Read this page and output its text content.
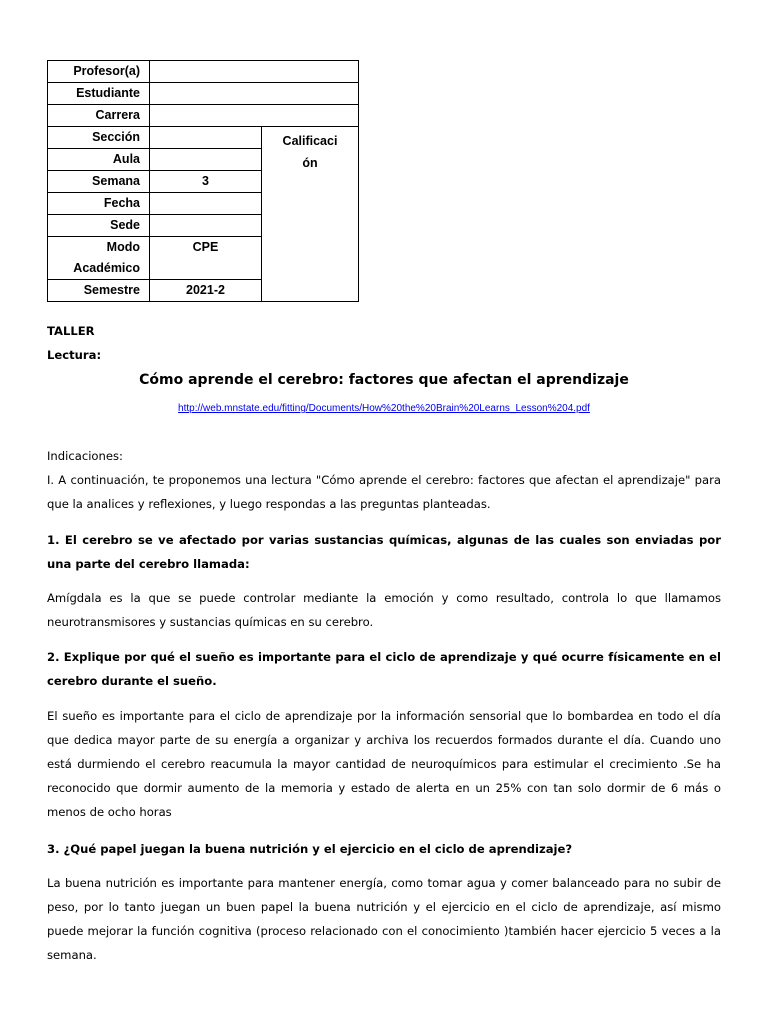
Profesor(a)		
Estudiante		
Carrera		
Sección		Calificaci
ón

Aula		
Semana	3	
Fecha		
Sede		

Modo
Académico	CPE	
Semestre	2021-2	
TALLER
Lectura:
Cómo aprende el cerebro: factores que afectan el aprendizaje
http://web.mnstate.edu/fitting/Documents/How%20the%20Brain%20Learns_Lesson%204.pdf
Indicaciones:
I. A continuación, te proponemos una lectura "Cómo aprende el cerebro: factores que afectan el aprendizaje" para que la analices y reflexiones, y luego respondas a las preguntas planteadas.
1. El cerebro se ve afectado por varias sustancias químicas, algunas de las cuales son enviadas por una parte del cerebro llamada:
Amígdala es la que se puede controlar mediante la emoción y como resultado, controla lo que llamamos neurotransmisores y sustancias químicas en su cerebro.
2. Explique por qué el sueño es importante para el ciclo de aprendizaje y qué ocurre físicamente en el cerebro durante el sueño.
El sueño es importante para el ciclo de aprendizaje por la información sensorial que lo bombardea en todo el día que dedica mayor parte de su energía a organizar y archiva los recuerdos formados durante el día. Cuando uno está durmiendo el cerebro reacumula la mayor cantidad de neuroquímicos para estimular el crecimiento .Se ha reconocido que dormir aumento de la memoria y estado de alerta en un 25% con tan solo dormir de 6 más o menos de ocho horas
3. ¿Qué papel juegan la buena nutrición y el ejercicio en el ciclo de aprendizaje?
La buena nutrición es importante para mantener energía, como tomar agua y comer balanceado para no subir de peso, por lo tanto juegan un buen papel la buena nutrición y el ejercicio en el ciclo de aprendizaje, así mismo puede mejorar la función cognitiva (proceso relacionado con el conocimiento )también hacer ejercicio 5 veces a la semana.
